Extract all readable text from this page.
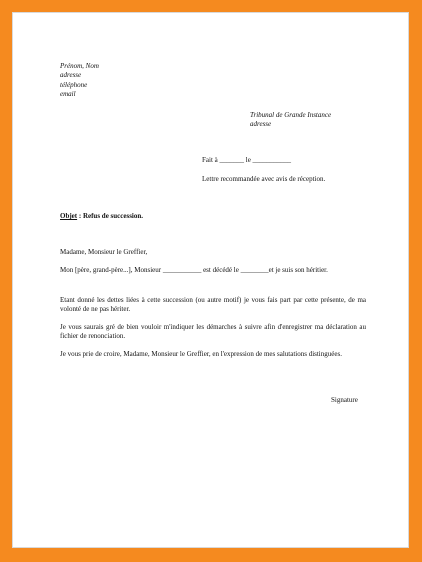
Prénom, Nom
adresse
téléphone
email
Tribunal de Grande Instance
adresse
Fait à _______ le ___________
Lettre recommandée avec avis de réception.
Objet : Refus de succession.
Madame, Monsieur le Greffier,
Mon [père, grand-père...], Monsieur ___________ est décédé le ________et je suis son héritier.
Etant donné les dettes liées à cette succession (ou autre motif) je vous fais part par cette présente, de ma volonté de ne pas hériter.
Je vous saurais gré de bien vouloir m'indiquer les démarches à suivre afin d'enregistrer ma déclaration au fichier de renonciation.
Je vous prie de croire, Madame, Monsieur le Greffier, en l'expression de mes salutations distinguées.
Signature
